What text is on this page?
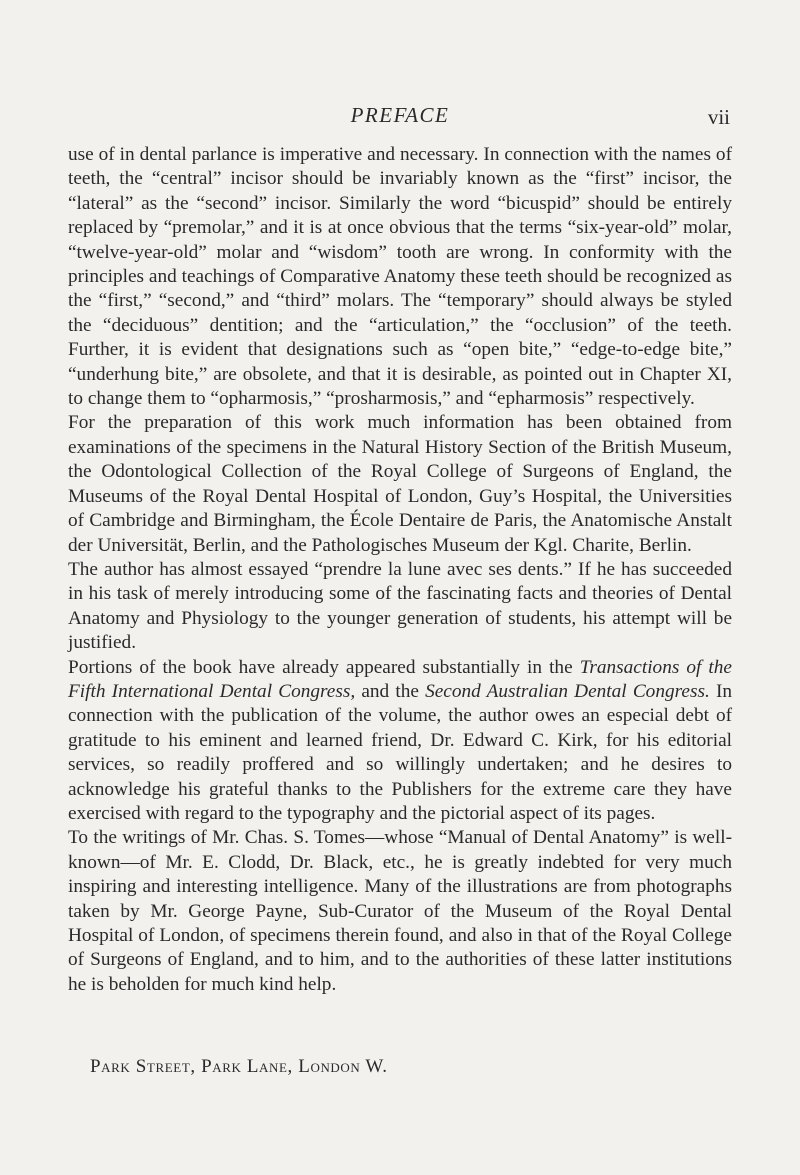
PREFACE	vii

use of in dental parlance is imperative and necessary. In connection with the names of teeth, the “central” incisor should be invariably known as the “first” incisor, the “lateral” as the “second” incisor. Similarly the word “bicuspid” should be entirely replaced by “premolar,” and it is at once obvious that the terms “six-year-old” molar, “twelve-year-old” molar and “wisdom” tooth are wrong. In conformity with the principles and teachings of Comparative Anatomy these teeth should be recognized as the “first,” “second,” and “third” molars. The “temporary” should always be styled the “deciduous” dentition; and the “articulation,” the “occlusion” of the teeth. Further, it is evident that designations such as “open bite,” “edge-to-edge bite,” “underhung bite,” are obsolete, and that it is desirable, as pointed out in Chapter XI, to change them to “opharmosis,” “prosharmosis,” and “epharmosis” respectively.

For the preparation of this work much information has been obtained from examinations of the specimens in the Natural History Section of the British Museum, the Odontological Collection of the Royal College of Surgeons of England, the Museums of the Royal Dental Hospital of London, Guy’s Hospital, the Universities of Cambridge and Birmingham, the École Dentaire de Paris, the Anatomische Anstalt der Universität, Berlin, and the Pathologisches Museum der Kgl. Charite, Berlin.

The author has almost essayed “prendre la lune avec ses dents.” If he has succeeded in his task of merely introducing some of the fascinating facts and theories of Dental Anatomy and Physiology to the younger generation of students, his attempt will be justified.

Portions of the book have already appeared substantially in the Transactions of the Fifth International Dental Congress, and the Second Australian Dental Congress. In connection with the publication of the volume, the author owes an especial debt of gratitude to his eminent and learned friend, Dr. Edward C. Kirk, for his editorial services, so readily proffered and so willingly undertaken; and he desires to acknowledge his grateful thanks to the Publishers for the extreme care they have exercised with regard to the typography and the pictorial aspect of its pages.

To the writings of Mr. Chas. S. Tomes—whose “Manual of Dental Anatomy” is well-known—of Mr. E. Clodd, Dr. Black, etc., he is greatly indebted for very much inspiring and interesting intelligence. Many of the illustrations are from photographs taken by Mr. George Payne, Sub-Curator of the Museum of the Royal Dental Hospital of London, of specimens therein found, and also in that of the Royal College of Surgeons of England, and to him, and to the authorities of these latter institutions he is beholden for much kind help.

Park Street, Park Lane, London W.
